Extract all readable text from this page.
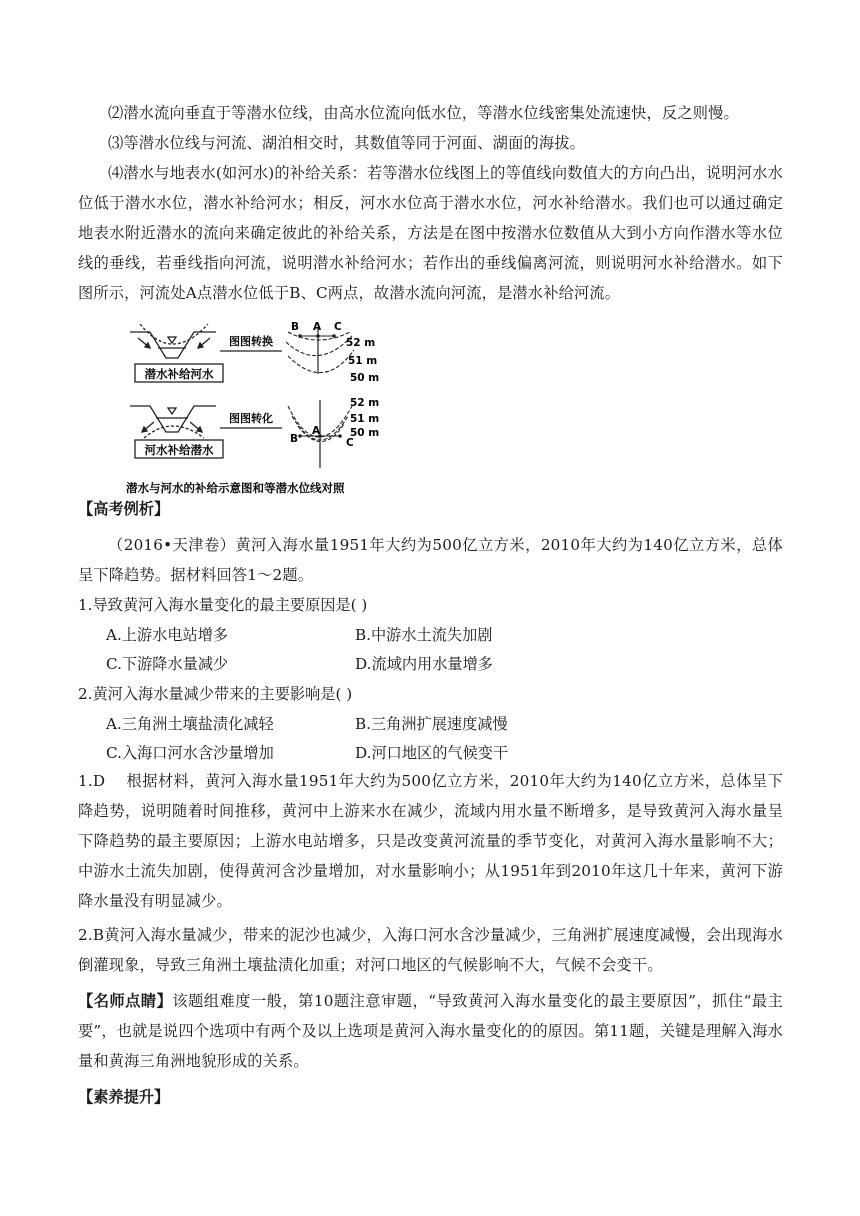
⑵潜水流向垂直于等潜水位线，由高水位流向低水位，等潜水位线密集处流速快，反之则慢。
⑶等潜水位线与河流、湖泊相交时，其数值等同于河面、湖面的海拔。
⑷潜水与地表水(如河水)的补给关系：若等潜水位线图上的等值线向数值大的方向凸出，说明河水水位低于潜水水位，潜水补给河水；相反，河水水位高于潜水水位，河水补给潜水。我们也可以通过确定地表水附近潜水的流向来确定彼此的补给关系，方法是在图中按潜水位数值从大到小方向作潜水等水位线的垂线，若垂线指向河流，说明潜水补给河水；若作出的垂线偏离河流，则说明河水补给潜水。如下图所示，河流处A点潜水位低于B、C两点，故潜水流向河流，是潜水补给河流。
潜水补给河水
图图转换
B A C
52 m
51 m
50 m
河水补给潜水
图图转化
B
A
C
52 m
51 m
50 m
潜水与河水的补给示意图和等潜水位线对照
【高考例析】
（2016•天津卷）黄河入海水量1951年大约为500亿立方米，2010年大约为140亿立方米，总体呈下降趋势。据材料回答1～2题。
1.导致黄河入海水量变化的最主要原因是( )
A.上游水电站增多	B.中游水土流失加剧
C.下游降水量减少	D.流域内用水量增多
2.黄河入海水量减少带来的主要影响是( )
A.三角洲土壤盐渍化减轻	B.三角洲扩展速度减慢
C.入海口河水含沙量增加	D.河口地区的气候变干
1.D　 根据材料，黄河入海水量1951年大约为500亿立方米，2010年大约为140亿立方米，总体呈下降趋势，说明随着时间推移，黄河中上游来水在减少，流域内用水量不断增多，是导致黄河入海水量呈下降趋势的最主要原因；上游水电站增多，只是改变黄河流量的季节变化，对黄河入海水量影响不大；中游水土流失加剧，使得黄河含沙量增加，对水量影响小；从1951年到2010年这几十年来，黄河下游降水量没有明显减少。
2.B黄河入海水量减少，带来的泥沙也减少，入海口河水含沙量减少，三角洲扩展速度减慢，会出现海水倒灌现象，导致三角洲土壤盐渍化加重；对河口地区的气候影响不大，气候不会变干。
【名师点睛】该题组难度一般，第10题注意审题，“导致黄河入海水量变化的最主要原因”，抓住“最主要”，也就是说四个选项中有两个及以上选项是黄河入海水量变化的的原因。第11题，关键是理解入海水量和黄海三角洲地貌形成的关系。
【素养提升】
